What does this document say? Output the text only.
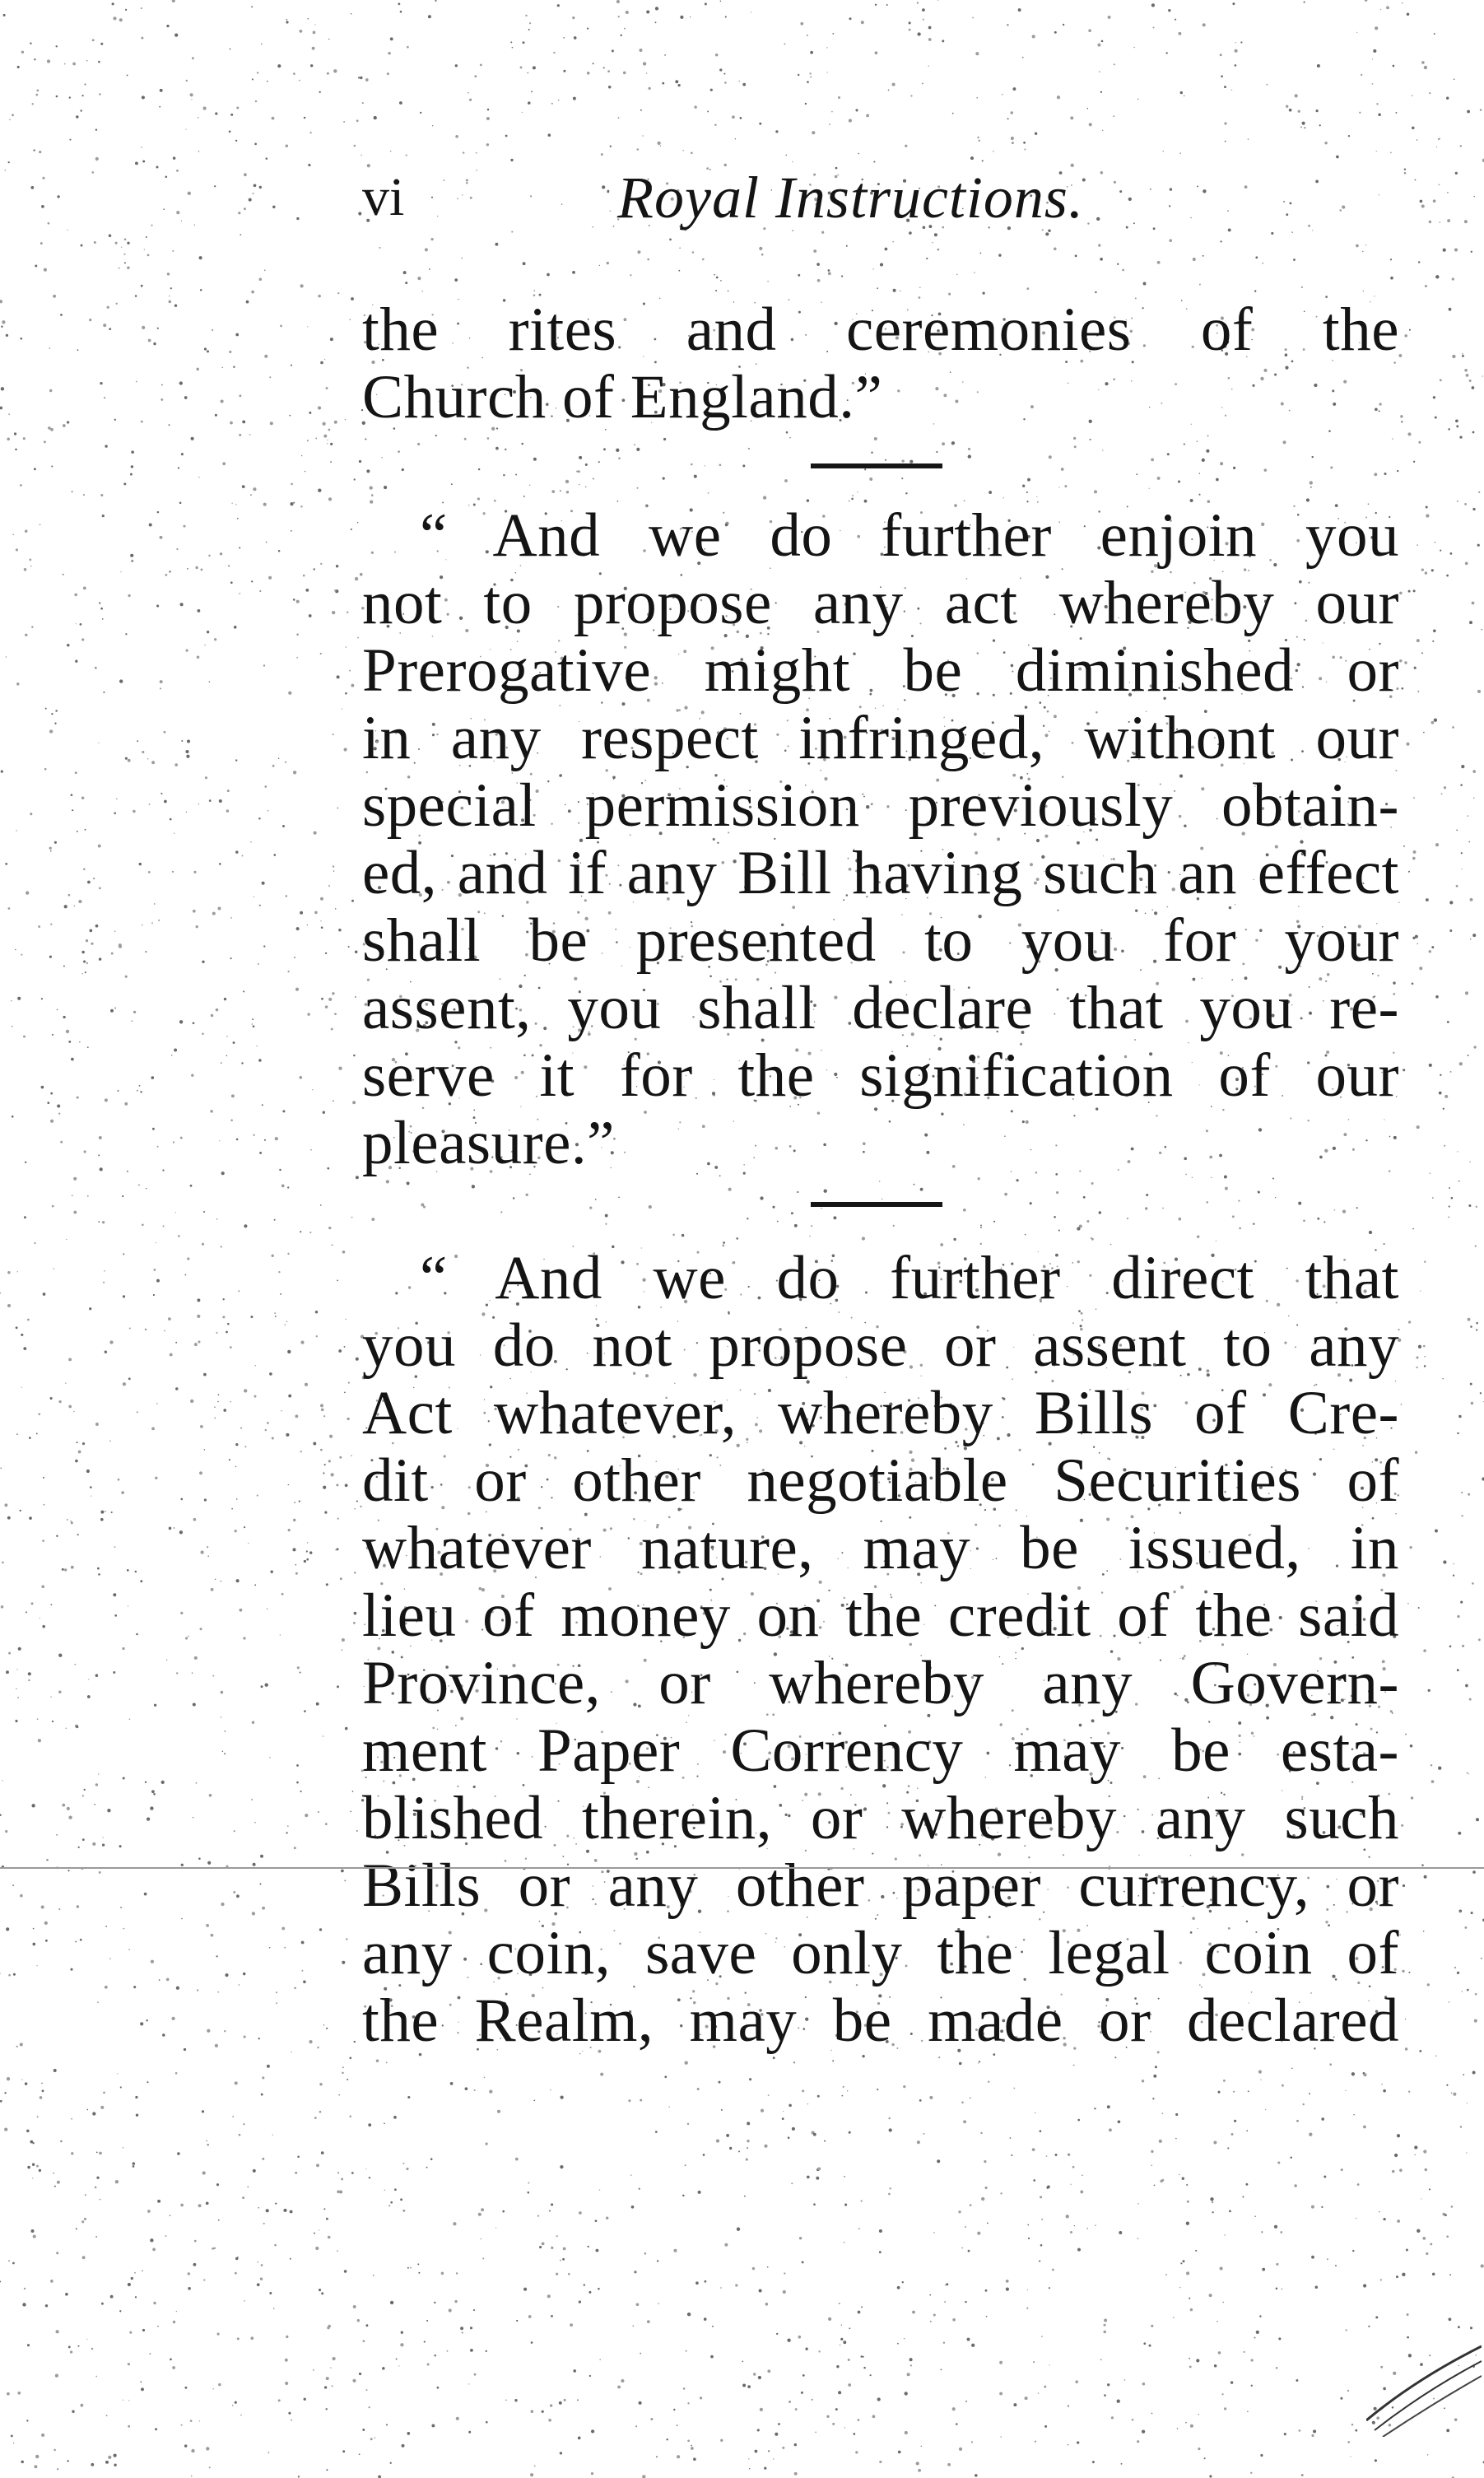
vi	Royal Instructions.
the rites and ceremonies of the
Church of England.”
“ And we do further enjoin you
not to propose any act whereby our
Prerogative might be diminished or
in any respect infringed, withont our
special permission previously obtain-
ed, and if any Bill having such an effect
shall be presented to you for your
assent, you shall declare that you re-
serve it for the signification of our
pleasure.”
“ And we do further direct that
you do not propose or assent to any
Act whatever, whereby Bills of Cre-
dit or other negotiable Securities of
whatever nature, may be issued, in
lieu of money on the credit of the said
Province, or whereby any Govern-
ment Paper Corrency may be esta-
blished therein, or whereby any such
Bills or any other paper currency, or
any coin, save only the legal coin of
the Realm, may be made or declared
